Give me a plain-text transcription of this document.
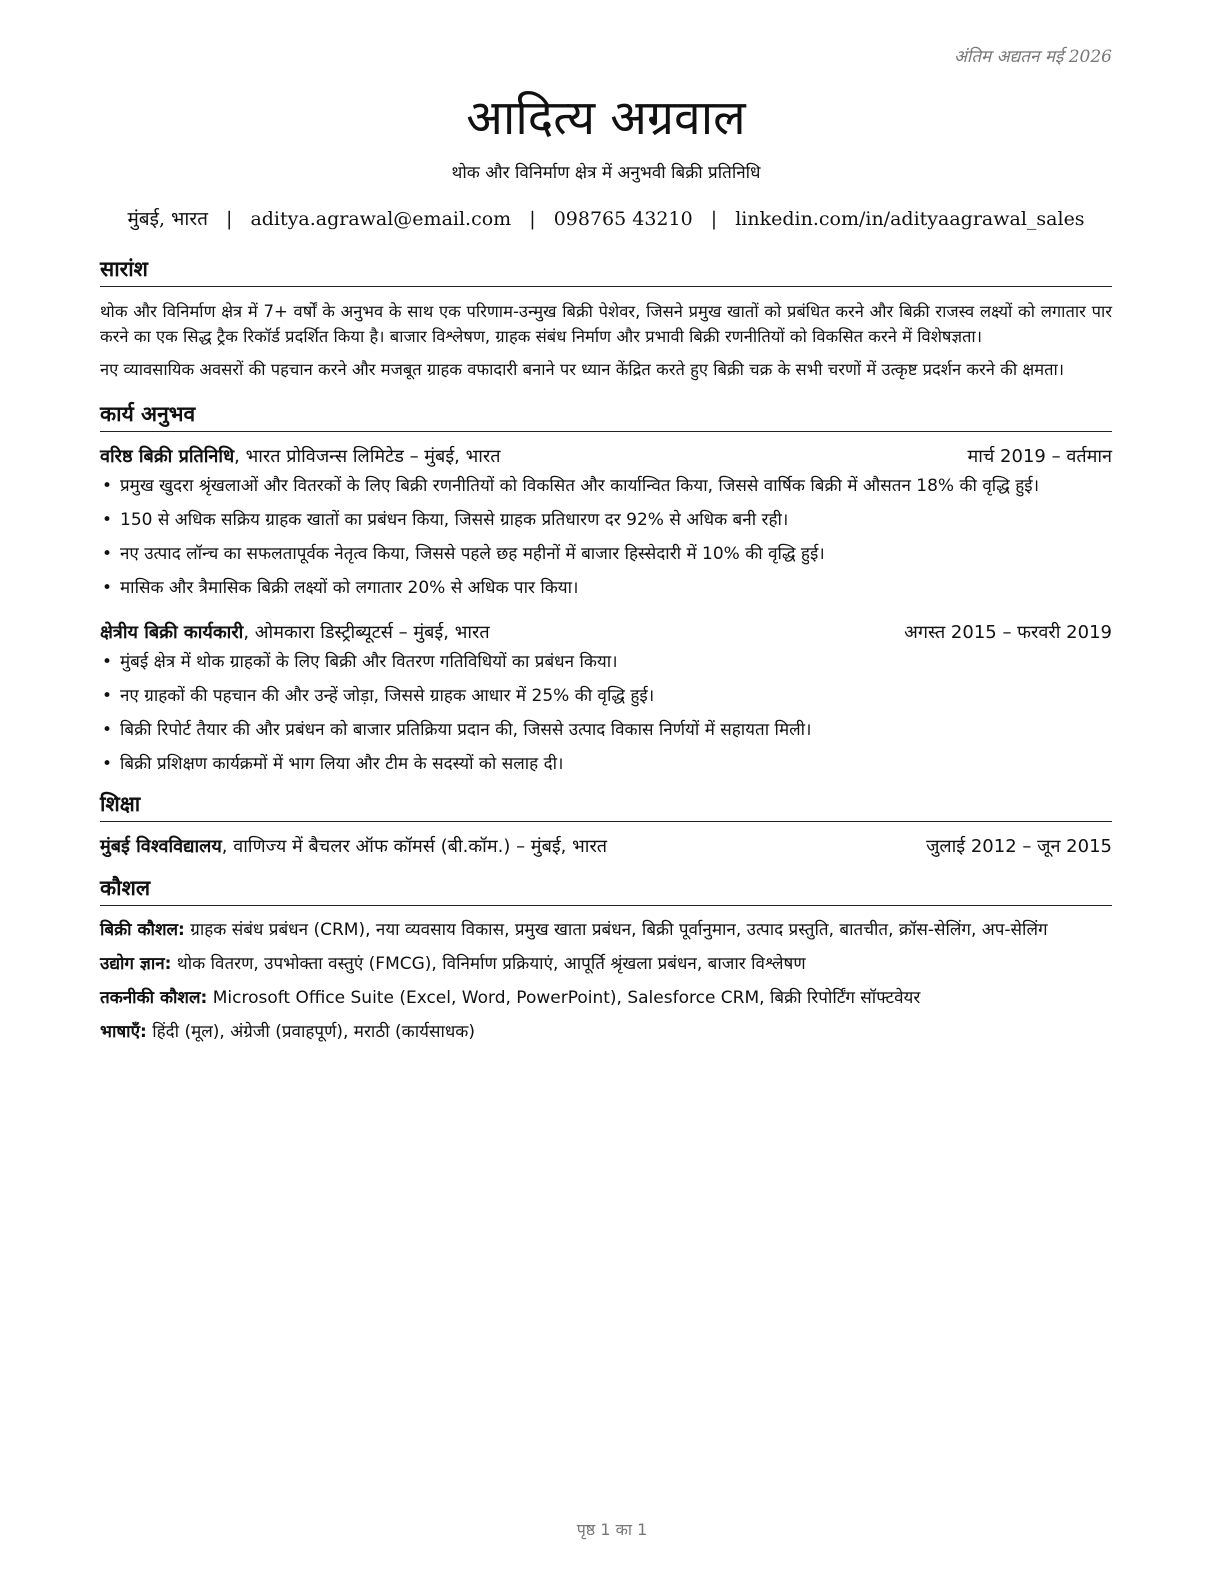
अंतिम अद्यतन मई 2026
आदित्य अग्रवाल
थोक और विनिर्माण क्षेत्र में अनुभवी बिक्री प्रतिनिधि
मुंबई, भारत | aditya.agrawal@email.com | 098765 43210 | linkedin.com/in/adityaagrawal_sales
सारांश

थोक और विनिर्माण क्षेत्र में 7+ वर्षों के अनुभव के साथ एक परिणाम-उन्मुख बिक्री पेशेवर, जिसने प्रमुख खातों को प्रबंधित करने और बिक्री राजस्व लक्ष्यों को लगातार पार करने का एक सिद्ध ट्रैक रिकॉर्ड प्रदर्शित किया है। बाजार विश्लेषण, ग्राहक संबंध निर्माण और प्रभावी बिक्री रणनीतियों को विकसित करने में विशेषज्ञता।

नए व्यावसायिक अवसरों की पहचान करने और मजबूत ग्राहक वफादारी बनाने पर ध्यान केंद्रित करते हुए बिक्री चक्र के सभी चरणों में उत्कृष्ट प्रदर्शन करने की क्षमता।

कार्य अनुभव
वरिष्ठ बिक्री प्रतिनिधि, भारत प्रोविजन्स लिमिटेड – मुंबई, भारत	मार्च 2019 – वर्तमान
• प्रमुख खुदरा श्रृंखलाओं और वितरकों के लिए बिक्री रणनीतियों को विकसित और कार्यान्वित किया, जिससे वार्षिक बिक्री में औसतन 18% की वृद्धि हुई।
• 150 से अधिक सक्रिय ग्राहक खातों का प्रबंधन किया, जिससे ग्राहक प्रतिधारण दर 92% से अधिक बनी रही।
• नए उत्पाद लॉन्च का सफलतापूर्वक नेतृत्व किया, जिससे पहले छह महीनों में बाजार हिस्सेदारी में 10% की वृद्धि हुई।
• मासिक और त्रैमासिक बिक्री लक्ष्यों को लगातार 20% से अधिक पार किया।
क्षेत्रीय बिक्री कार्यकारी, ओमकारा डिस्ट्रीब्यूटर्स – मुंबई, भारत	अगस्त 2015 – फरवरी 2019
• मुंबई क्षेत्र में थोक ग्राहकों के लिए बिक्री और वितरण गतिविधियों का प्रबंधन किया।
• नए ग्राहकों की पहचान की और उन्हें जोड़ा, जिससे ग्राहक आधार में 25% की वृद्धि हुई।
• बिक्री रिपोर्ट तैयार की और प्रबंधन को बाजार प्रतिक्रिया प्रदान की, जिससे उत्पाद विकास निर्णयों में सहायता मिली।
• बिक्री प्रशिक्षण कार्यक्रमों में भाग लिया और टीम के सदस्यों को सलाह दी।
शिक्षा
मुंबई विश्वविद्यालय, वाणिज्य में बैचलर ऑफ कॉमर्स (बी.कॉम.) – मुंबई, भारत	जुलाई 2012 – जून 2015
कौशल

बिक्री कौशल: ग्राहक संबंध प्रबंधन (CRM), नया व्यवसाय विकास, प्रमुख खाता प्रबंधन, बिक्री पूर्वानुमान, उत्पाद प्रस्तुति, बातचीत, क्रॉस-सेलिंग, अप-सेलिंग

उद्योग ज्ञान: थोक वितरण, उपभोक्ता वस्तुएं (FMCG), विनिर्माण प्रक्रियाएं, आपूर्ति श्रृंखला प्रबंधन, बाजार विश्लेषण

तकनीकी कौशल: Microsoft Office Suite (Excel, Word, PowerPoint), Salesforce CRM, बिक्री रिपोर्टिंग सॉफ्टवेयर

भाषाएँ: हिंदी (मूल), अंग्रेजी (प्रवाहपूर्ण), मराठी (कार्यसाधक)

पृष्ठ 1 का 1
